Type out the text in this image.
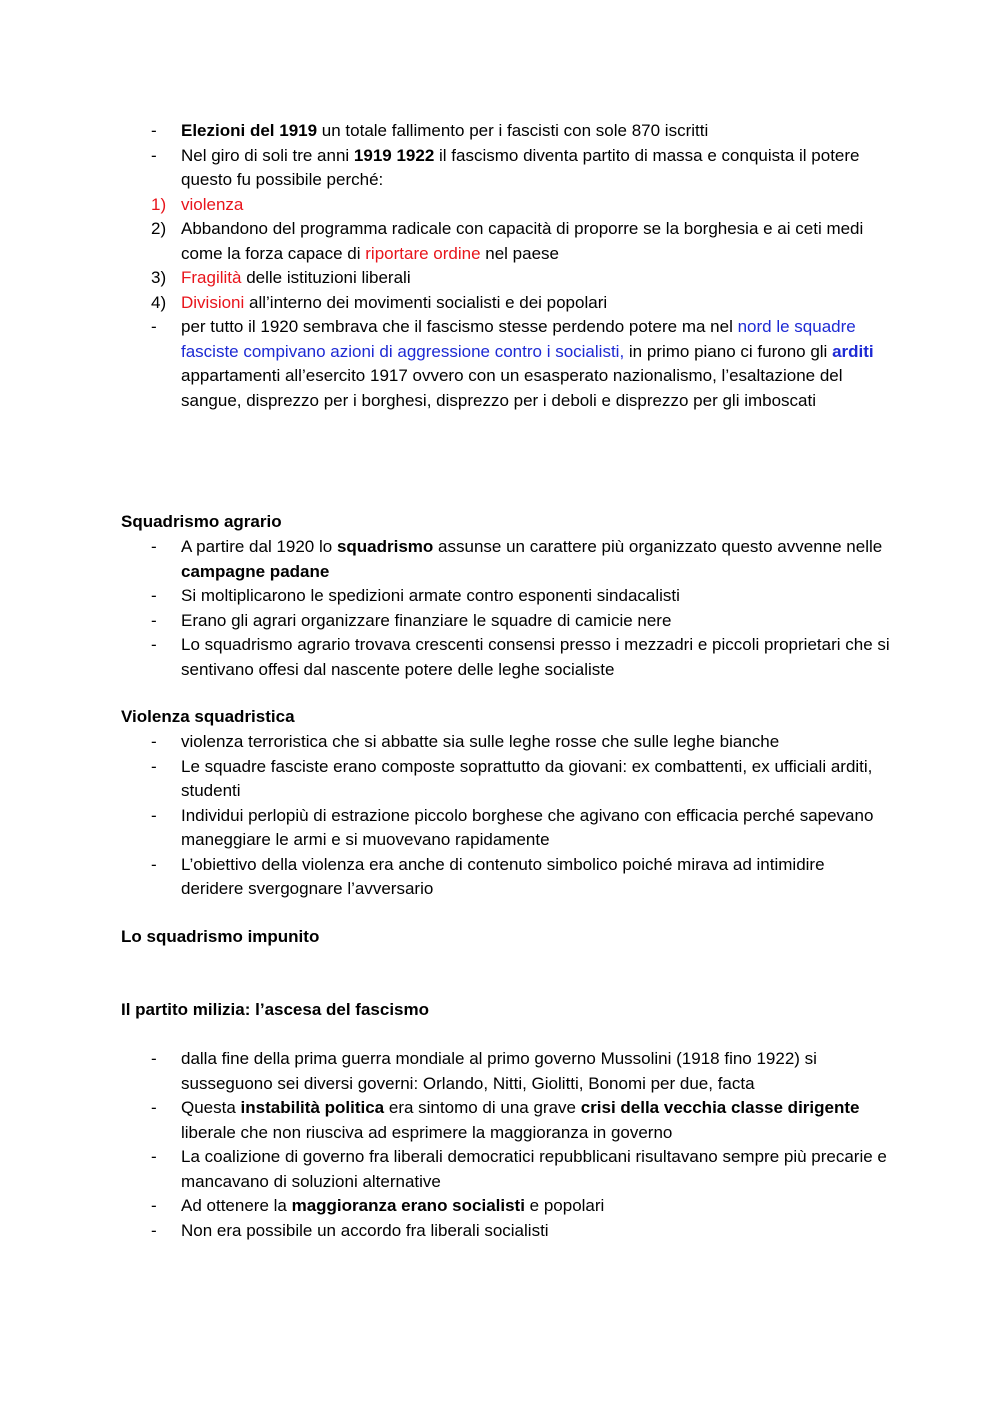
- Elezioni del 1919 un totale fallimento per i fascisti con sole 870 iscritti
- Nel giro di soli tre anni 1919 1922 il fascismo diventa partito di massa e conquista il potere questo fu possibile perché:
1) violenza
2) Abbandono del programma radicale con capacità di proporre se la borghesia e ai ceti medi come la forza capace di riportare ordine nel paese
3) Fragilità delle istituzioni liberali
4) Divisioni all’interno dei movimenti socialisti e dei popolari
- per tutto il 1920 sembrava che il fascismo stesse perdendo potere ma nel nord le squadre fasciste compivano azioni di aggressione contro i socialisti, in primo piano ci furono gli arditi appartamenti all’esercito 1917 ovvero con un esasperato nazionalismo, l’esaltazione del sangue, disprezzo per i borghesi, disprezzo per i deboli e disprezzo per gli imboscati
Squadrismo agrario
- A partire dal 1920 lo squadrismo assunse un carattere più organizzato questo avvenne nelle campagne padane
- Si moltiplicarono le spedizioni armate contro esponenti sindacalisti
- Erano gli agrari organizzare finanziare le squadre di camicie nere
- Lo squadrismo agrario trovava crescenti consensi presso i mezzadri e piccoli proprietari che si sentivano offesi dal nascente potere delle leghe socialiste
Violenza squadristica
- violenza terroristica che si abbatte sia sulle leghe rosse che sulle leghe bianche
- Le squadre fasciste erano composte soprattutto da giovani: ex combattenti, ex ufficiali arditi, studenti
- Individui perlopiù di estrazione piccolo borghese che agivano con efficacia perché sapevano maneggiare le armi e si muovevano rapidamente
- L’obiettivo della violenza era anche di contenuto simbolico poiché mirava ad intimidire deridere svergognare l’avversario
Lo squadrismo impunito
Il partito milizia: l’ascesa del fascismo
- dalla fine della prima guerra mondiale al primo governo Mussolini (1918 fino 1922) si susseguono sei diversi governi: Orlando, Nitti, Giolitti, Bonomi per due, facta
- Questa instabilità politica era sintomo di una grave crisi della vecchia classe dirigente liberale che non riusciva ad esprimere la maggioranza in governo
- La coalizione di governo fra liberali democratici repubblicani risultavano sempre più precarie e mancavano di soluzioni alternative
- Ad ottenere la maggioranza erano socialisti e popolari
- Non era possibile un accordo fra liberali socialisti
